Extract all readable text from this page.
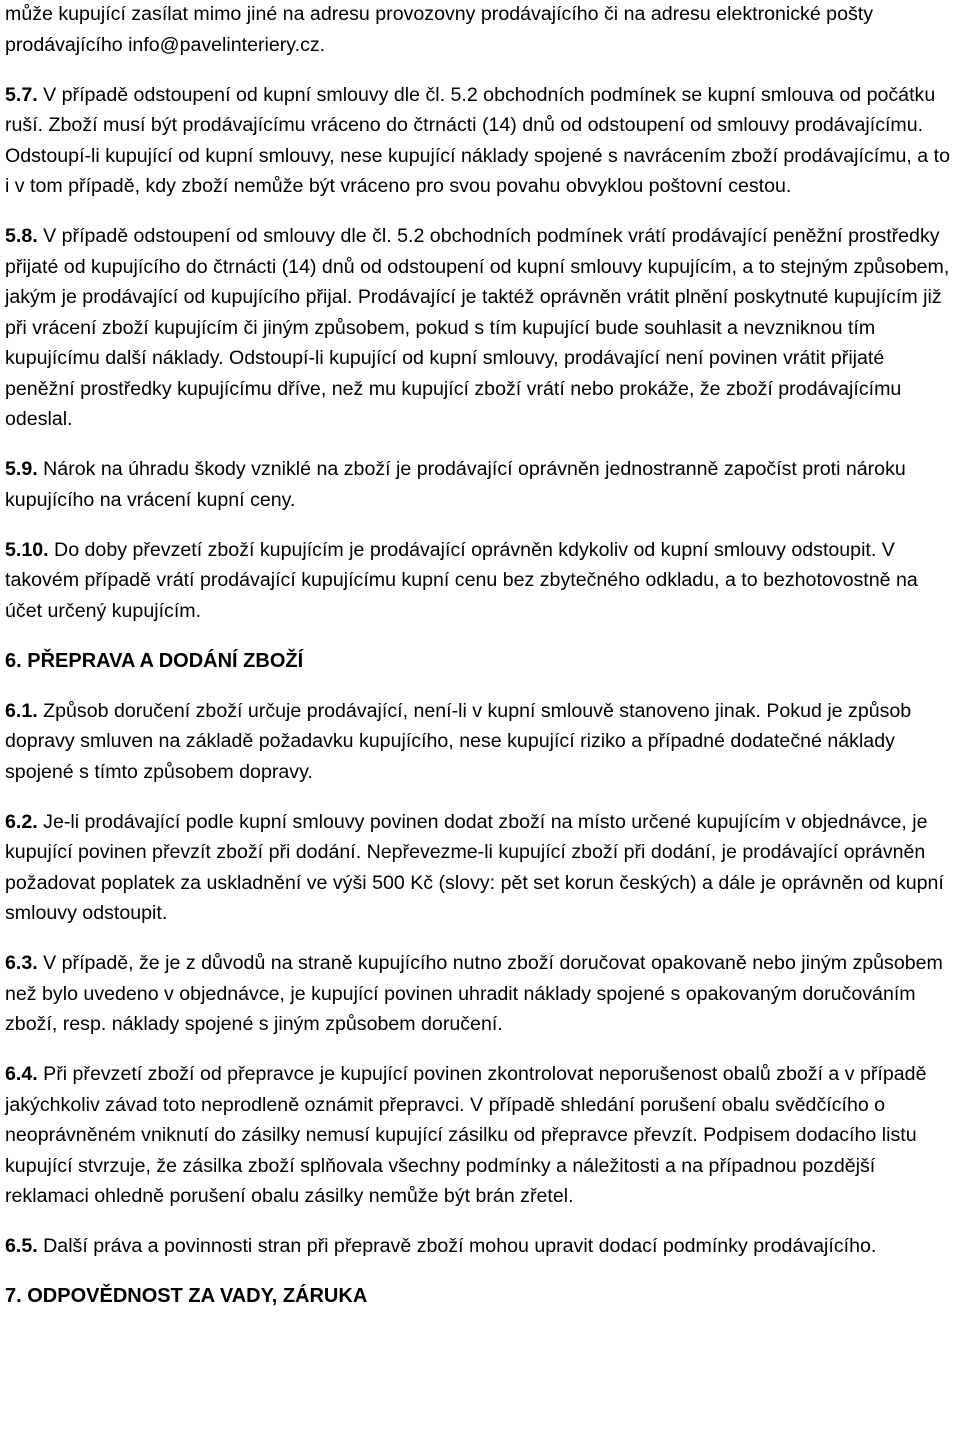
může kupující zasílat mimo jiné na adresu provozovny prodávajícího či na adresu elektronické pošty prodávajícího info@pavelinteriery.cz.

5.7. V případě odstoupení od kupní smlouvy dle čl. 5.2 obchodních podmínek se kupní smlouva od počátku ruší. Zboží musí být prodávajícímu vráceno do čtrnácti (14) dnů od odstoupení od smlouvy prodávajícímu. Odstoupí-li kupující od kupní smlouvy, nese kupující náklady spojené s navrácením zboží prodávajícímu, a to i v tom případě, kdy zboží nemůže být vráceno pro svou povahu obvyklou poštovní cestou.

5.8. V případě odstoupení od smlouvy dle čl. 5.2 obchodních podmínek vrátí prodávající peněžní prostředky přijaté od kupujícího do čtrnácti (14) dnů od odstoupení od kupní smlouvy kupujícím, a to stejným způsobem, jakým je prodávající od kupujícího přijal. Prodávající je taktéž oprávněn vrátit plnění poskytnuté kupujícím již při vrácení zboží kupujícím či jiným způsobem, pokud s tím kupující bude souhlasit a nevzniknou tím kupujícímu další náklady. Odstoupí-li kupující od kupní smlouvy, prodávající není povinen vrátit přijaté peněžní prostředky kupujícímu dříve, než mu kupující zboží vrátí nebo prokáže, že zboží prodávajícímu odeslal.

5.9. Nárok na úhradu škody vzniklé na zboží je prodávající oprávněn jednostranně započíst proti nároku kupujícího na vrácení kupní ceny.

5.10. Do doby převzetí zboží kupujícím je prodávající oprávněn kdykoliv od kupní smlouvy odstoupit. V takovém případě vrátí prodávající kupujícímu kupní cenu bez zbytečného odkladu, a to bezhotovostně na účet určený kupujícím.

6. PŘEPRAVA A DODÁNÍ ZBOŽÍ

6.1. Způsob doručení zboží určuje prodávající, není-li v kupní smlouvě stanoveno jinak. Pokud je způsob dopravy smluven na základě požadavku kupujícího, nese kupující riziko a případné dodatečné náklady spojené s tímto způsobem dopravy.

6.2. Je-li prodávající podle kupní smlouvy povinen dodat zboží na místo určené kupujícím v objednávce, je kupující povinen převzít zboží při dodání. Nepřevezme-li kupující zboží při dodání, je prodávající oprávněn požadovat poplatek za uskladnění ve výši 500 Kč (slovy: pět set korun českých) a dále je oprávněn od kupní smlouvy odstoupit.

6.3. V případě, že je z důvodů na straně kupujícího nutno zboží doručovat opakovaně nebo jiným způsobem než bylo uvedeno v objednávce, je kupující povinen uhradit náklady spojené s opakovaným doručováním zboží, resp. náklady spojené s jiným způsobem doručení.

6.4. Při převzetí zboží od přepravce je kupující povinen zkontrolovat neporušenost obalů zboží a v případě jakýchkoliv závad toto neprodleně oznámit přepravci. V případě shledání porušení obalu svědčícího o neoprávněném vniknutí do zásilky nemusí kupující zásilku od přepravce převzít. Podpisem dodacího listu kupující stvrzuje, že zásilka zboží splňovala všechny podmínky a náležitosti a na případnou pozdější reklamaci ohledně porušení obalu zásilky nemůže být brán zřetel.

6.5. Další práva a povinnosti stran při přepravě zboží mohou upravit dodací podmínky prodávajícího.

7. ODPOVĚDNOST ZA VADY, ZÁRUKA
